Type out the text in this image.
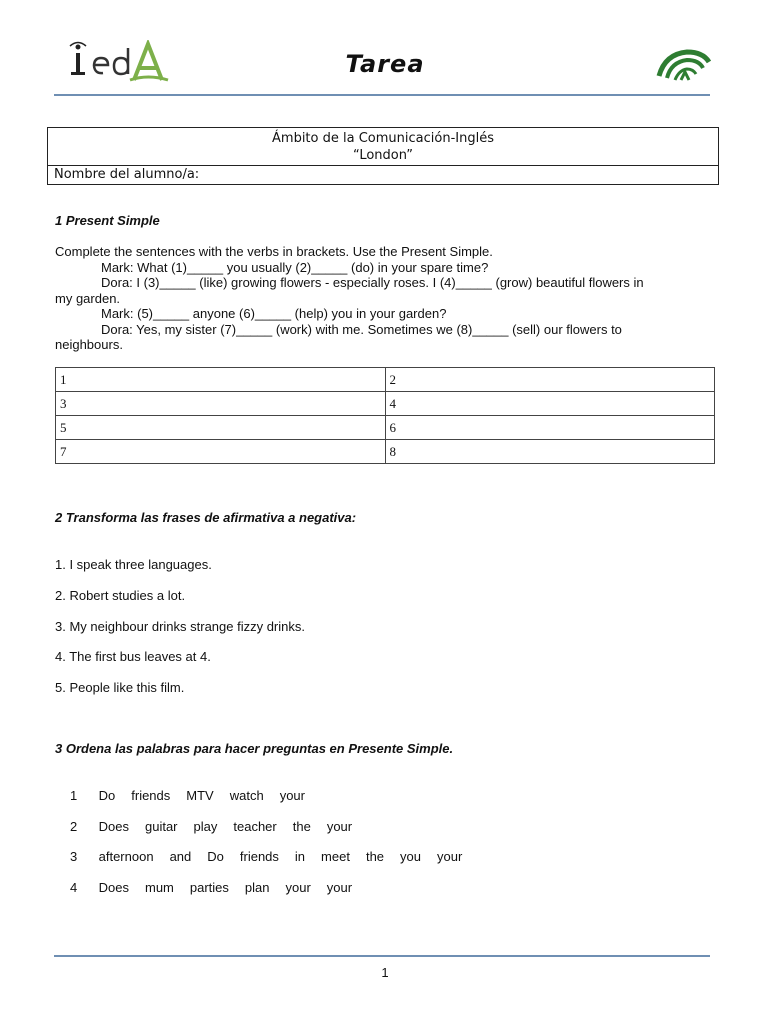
Tarea
Ámbito de la Comunicación-Inglés
“London”
Nombre del alumno/a:
1 Present Simple
Complete the sentences with the verbs in brackets. Use the Present Simple.
Mark: What (1)_____ you usually (2)_____ (do) in your spare time?
Dora: I (3)_____ (like) growing flowers - especially roses. I (4)_____ (grow) beautiful flowers in
my garden.
Mark: (5)_____ anyone (6)_____ (help) you in your garden?
Dora: Yes, my sister (7)_____ (work) with me. Sometimes we (8)_____ (sell) our flowers to
neighbours.
1	2
3	4
5	6
7	8
2 Transforma las frases de afirmativa a negativa:
1. I speak three languages.
2. Robert studies a lot.
3. My neighbour drinks strange fizzy drinks.
4. The first bus leaves at 4.
5. People like this film.
3 Ordena las palabras para hacer preguntas en Presente Simple.
1 Do friends MTV watch your
2 Does guitar play teacher the your
3 afternoon and Do friends in meet the you your
4 Does mum parties plan your your
1
